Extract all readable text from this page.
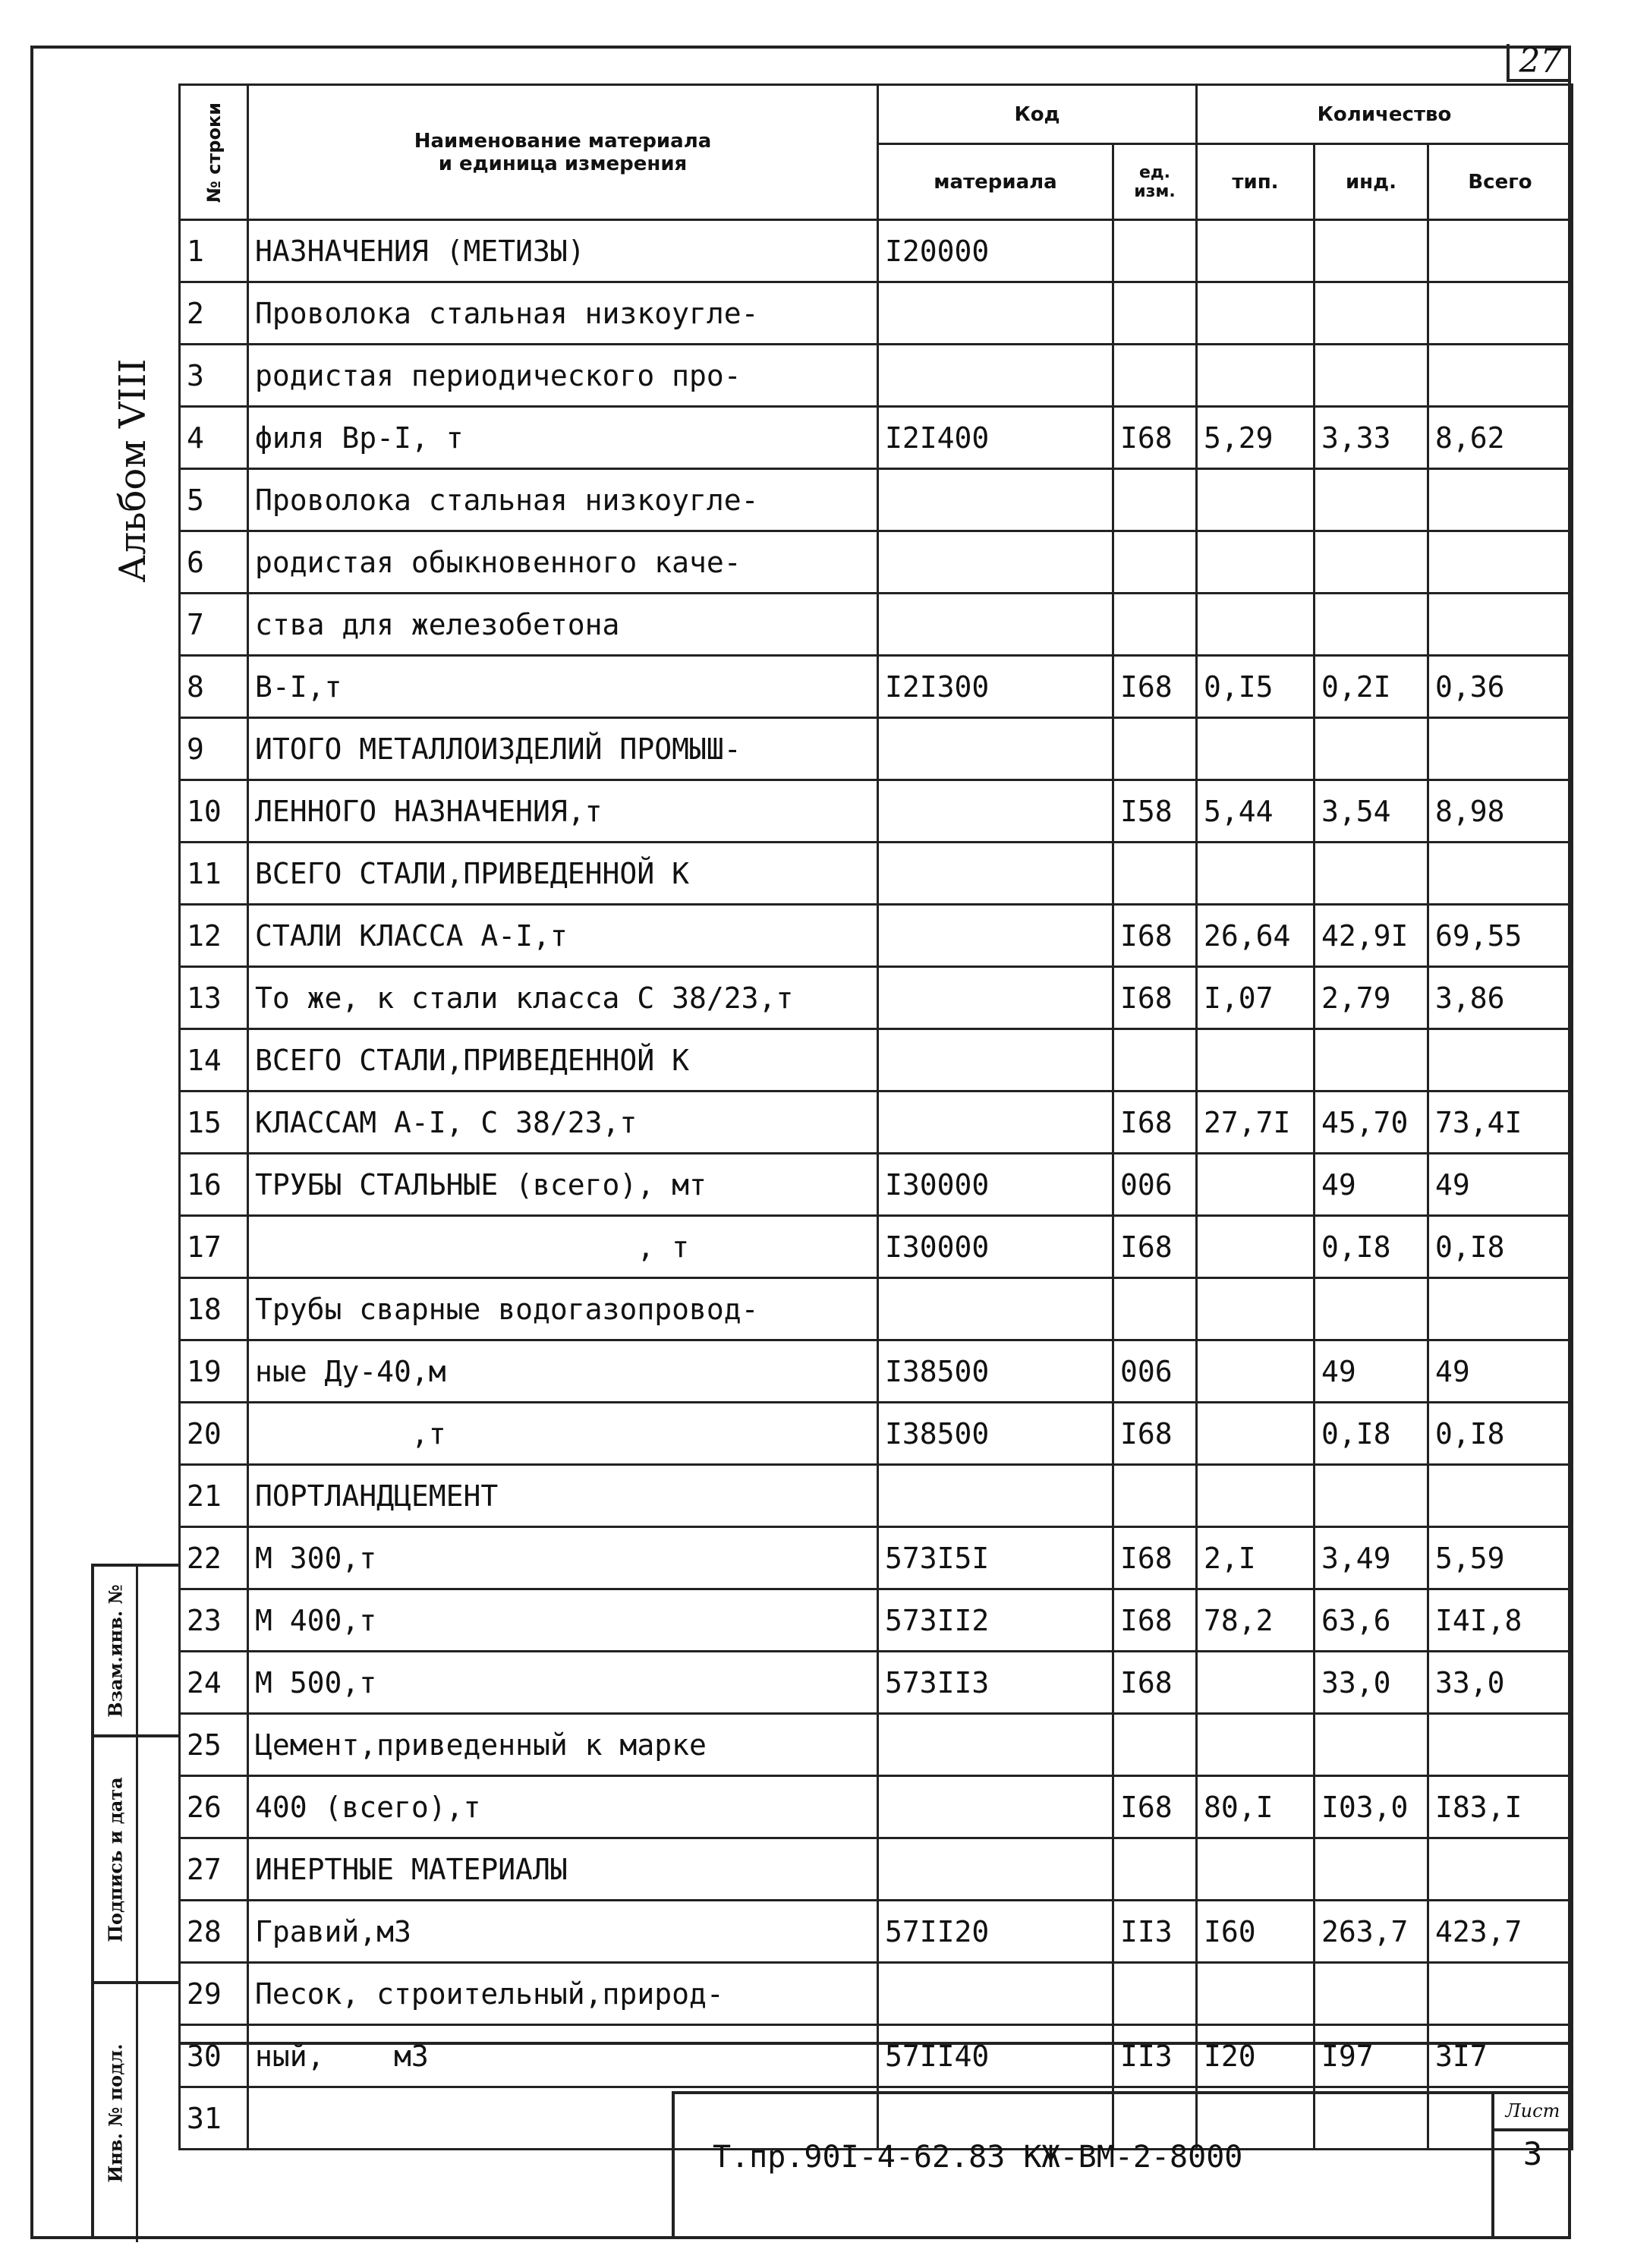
27
Альбом VIII
№ строки	Наименование материала
и единица измерения	Код		Количество		
		материала	ед. изм.	тип.	инд.	Всего
1	НАЗНАЧЕНИЯ (МЕТИЗЫ)	I20000				
2	Проволока стальная низкоугле-					
3	родистая периодического про-					
4	филя Вр-I, т	I2I400	I68	5,29	3,33	8,62
5	Проволока стальная низкоугле-					
6	родистая обыкновенного каче-					
7	ства для железобетона					
8	В-I,т	I2I300	I68	0,I5	0,2I	0,36
9	ИТОГО МЕТАЛЛОИЗДЕЛИЙ ПРОМЫШ-					
10	ЛЕННОГО НАЗНАЧЕНИЯ,т		I58	5,44	3,54	8,98
11	ВСЕГО СТАЛИ,ПРИВЕДЕННОЙ К					
12	СТАЛИ КЛАССА А-I,т		I68	26,64	42,9I	69,55
13	То же, к стали класса С 38/23,т		I68	I,07	2,79	3,86
14	ВСЕГО СТАЛИ,ПРИВЕДЕННОЙ К					
15	КЛАССАМ А-I, С 38/23,т		I68	27,7I	45,70	73,4I
16	ТРУБЫ СТАЛЬНЫЕ (всего), мт	I30000	006		49	49
17	, т	I30000	I68		0,I8	0,I8
18	Трубы сварные водогазопровод-					
19	ные Ду-40,м	I38500	006		49	49
20	,т	I38500	I68		0,I8	0,I8
21	ПОРТЛАНДЦЕМЕНТ					
22	М 300,т	573I5I	I68	2,I	3,49	5,59
23	М 400,т	573II2	I68	78,2	63,6	I4I,8
24	М 500,т	573II3	I68		33,0	33,0
25	Цемент,приведенный к марке					
26	400 (всего),т		I68	80,I	I03,0	I83,I
27	ИНЕРТНЫЕ МАТЕРИАЛЫ					
28	Гравий,м3	57II20	II3	I60	263,7	423,7
29	Песок, строительный,природ-					
30	ный,    м3	57II40	II3	I20	I97	3I7
31						
Взам.инв. №
Подпись и дата
Инв. № подл.	Т.пр.90I-4-62.83 КЖ-ВМ-2-8000
Лист
3
